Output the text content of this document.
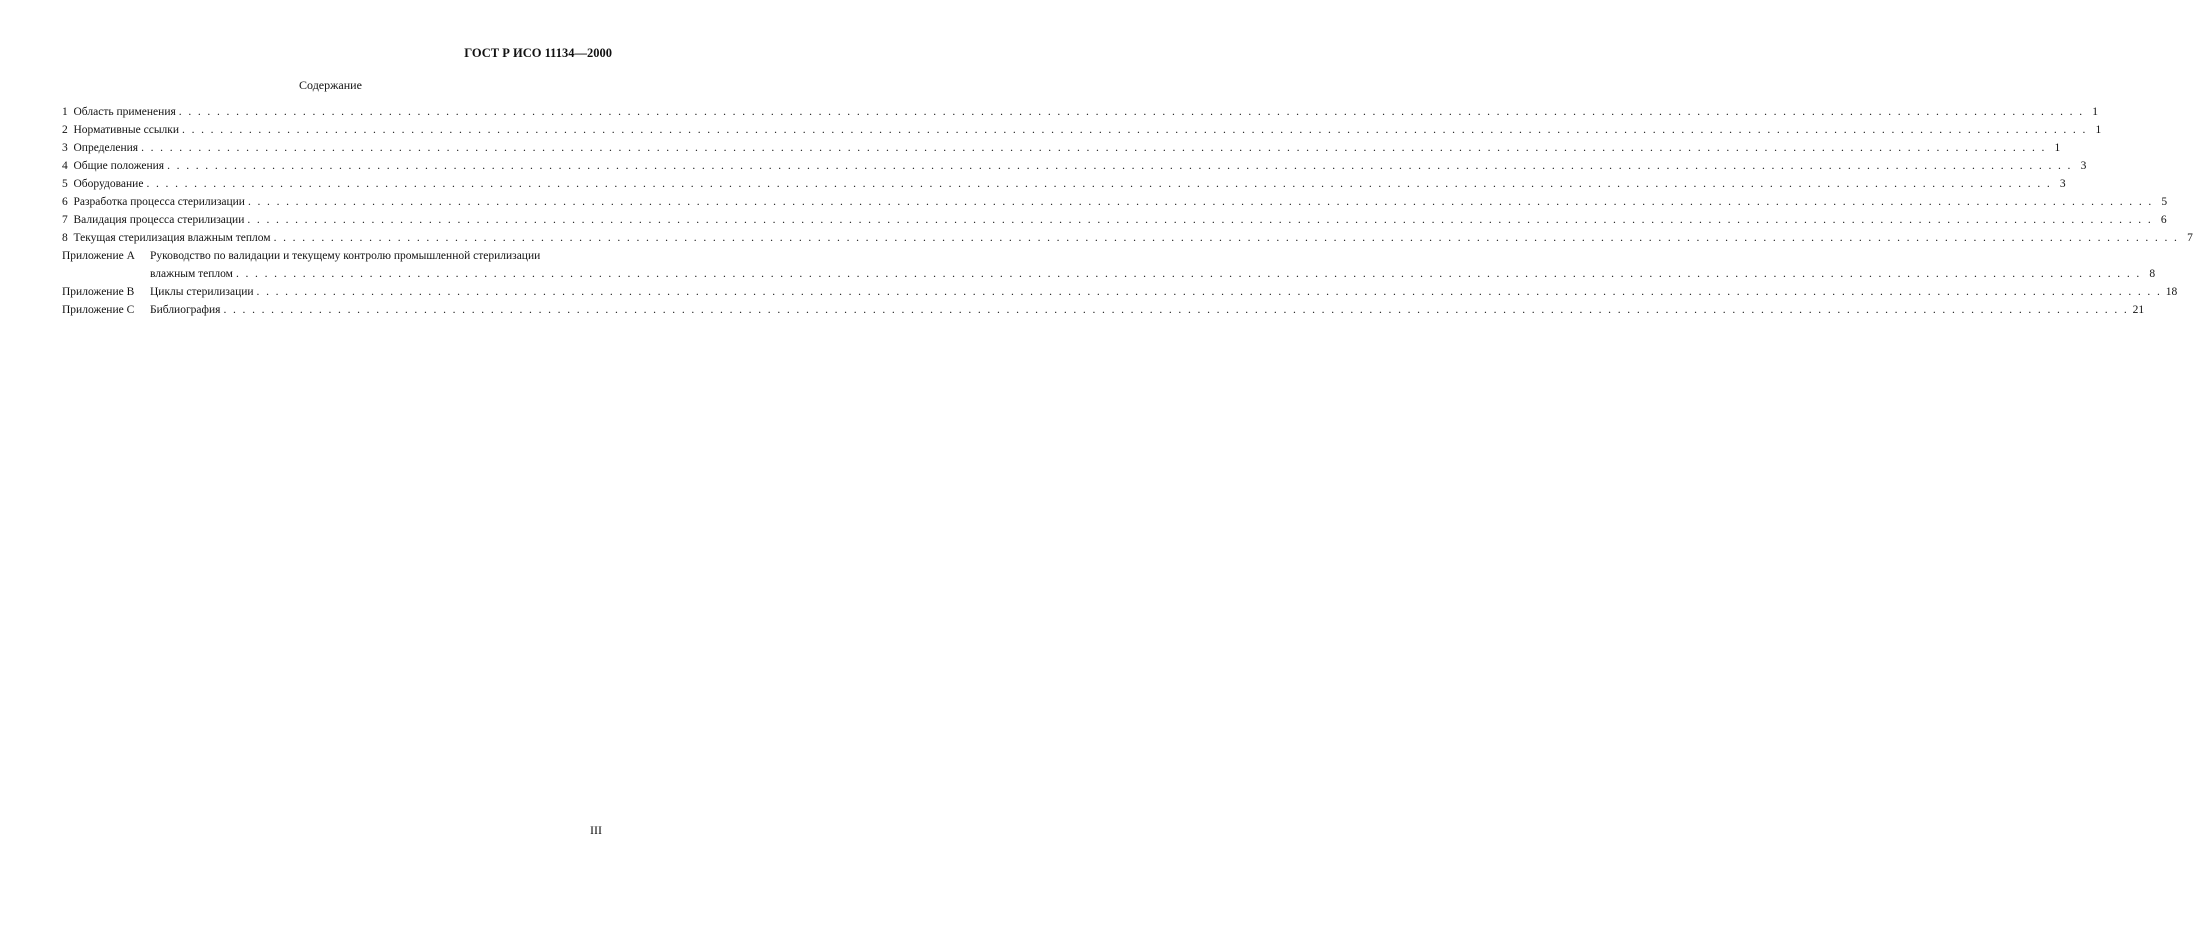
ГОСТ Р ИСО 11134—2000
Содержание
1  Область применения . . . . . . . . . . . . . . . . . . . . . . . . . . . . . . . . . . . . . . . . . . . . . . . . . . . . . . . . . . . . . . . . . . . . . . . . . . . . . . . . . . . . . . . . . . . . . . . . . . . . . . . . . . . . . . . . . . . . . . . . . . . . . . . . . . . . . . . . . . . . . . . . . . . . . . . . . . . . . . . . . . . . . . . . . . . . . . . . . . . . . . . . . . . . . . . . . . . . . . . . 1
2  Нормативные ссылки . . . . . . . . . . . . . . . . . . . . . . . . . . . . . . . . . . . . . . . . . . . . . . . . . . . . . . . . . . . . . . . . . . . . . . . . . . . . . . . . . . . . . . . . . . . . . . . . . . . . . . . . . . . . . . . . . . . . . . . . . . . . . . . . . . . . . . . . . . . . . . . . . . . . . . . . . . . . . . . . . . . . . . . . . . . . . . . . . . . . . . . . . . . . . . . . . . . . . . . . 1
3  Определения . . . . . . . . . . . . . . . . . . . . . . . . . . . . . . . . . . . . . . . . . . . . . . . . . . . . . . . . . . . . . . . . . . . . . . . . . . . . . . . . . . . . . . . . . . . . . . . . . . . . . . . . . . . . . . . . . . . . . . . . . . . . . . . . . . . . . . . . . . . . . . . . . . . . . . . . . . . . . . . . . . . . . . . . . . . . . . . . . . . . . . . . . . . . . . . . . . . . . . . . 1
4  Общие положения . . . . . . . . . . . . . . . . . . . . . . . . . . . . . . . . . . . . . . . . . . . . . . . . . . . . . . . . . . . . . . . . . . . . . . . . . . . . . . . . . . . . . . . . . . . . . . . . . . . . . . . . . . . . . . . . . . . . . . . . . . . . . . . . . . . . . . . . . . . . . . . . . . . . . . . . . . . . . . . . . . . . . . . . . . . . . . . . . . . . . . . . . . . . . . . . . . . . . . . . 3
5  Оборудование . . . . . . . . . . . . . . . . . . . . . . . . . . . . . . . . . . . . . . . . . . . . . . . . . . . . . . . . . . . . . . . . . . . . . . . . . . . . . . . . . . . . . . . . . . . . . . . . . . . . . . . . . . . . . . . . . . . . . . . . . . . . . . . . . . . . . . . . . . . . . . . . . . . . . . . . . . . . . . . . . . . . . . . . . . . . . . . . . . . . . . . . . . . . . . . . . . . . . . . . 3
6  Разработка процесса стерилизации . . . . . . . . . . . . . . . . . . . . . . . . . . . . . . . . . . . . . . . . . . . . . . . . . . . . . . . . . . . . . . . . . . . . . . . . . . . . . . . . . . . . . . . . . . . . . . . . . . . . . . . . . . . . . . . . . . . . . . . . . . . . . . . . . . . . . . . . . . . . . . . . . . . . . . . . . . . . . . . . . . . . . . . . . . . . . . . . . . . . . . . . . . . . . . . . . . . . . . . . 5
7  Валидация процесса стерилизации . . . . . . . . . . . . . . . . . . . . . . . . . . . . . . . . . . . . . . . . . . . . . . . . . . . . . . . . . . . . . . . . . . . . . . . . . . . . . . . . . . . . . . . . . . . . . . . . . . . . . . . . . . . . . . . . . . . . . . . . . . . . . . . . . . . . . . . . . . . . . . . . . . . . . . . . . . . . . . . . . . . . . . . . . . . . . . . . . . . . . . . . . . . . . . . . . . . . . . . . 6
8  Текущая стерилизация влажным теплом . . . . . . . . . . . . . . . . . . . . . . . . . . . . . . . . . . . . . . . . . . . . . . . . . . . . . . . . . . . . . . . . . . . . . . . . . . . . . . . . . . . . . . . . . . . . . . . . . . . . . . . . . . . . . . . . . . . . . . . . . . . . . . . . . . . . . . . . . . . . . . . . . . . . . . . . . . . . . . . . . . . . . . . . . . . . . . . . . . . . . . . . . . . . . . . . . . . . . . . . 7
Приложение А Руководство по валидации и текущему контролю промышленной стерилизации
влажным теплом . . . . . . . . . . . . . . . . . . . . . . . . . . . . . . . . . . . . . . . . . . . . . . . . . . . . . . . . . . . . . . . . . . . . . . . . . . . . . . . . . . . . . . . . . . . . . . . . . . . . . . . . . . . . . . . . . . . . . . . . . . . . . . . . . . . . . . . . . . . . . . . . . . . . . . . . . . . . . . . . . . . . . . . . . . . . . . . . . . . . . . . . . . . . . . . . . . . . . . . . 8
Приложение В Циклы стерилизации . . . . . . . . . . . . . . . . . . . . . . . . . . . . . . . . . . . . . . . . . . . . . . . . . . . . . . . . . . . . . . . . . . . . . . . . . . . . . . . . . . . . . . . . . . . . . . . . . . . . . . . . . . . . . . . . . . . . . . . . . . . . . . . . . . . . . . . . . . . . . . . . . . . . . . . . . . . . . . . . . . . . . . . . . . . . . . . . . . . . . . . . . . . . . . . . . . . . . . . . 18
Приложение С Библиография . . . . . . . . . . . . . . . . . . . . . . . . . . . . . . . . . . . . . . . . . . . . . . . . . . . . . . . . . . . . . . . . . . . . . . . . . . . . . . . . . . . . . . . . . . . . . . . . . . . . . . . . . . . . . . . . . . . . . . . . . . . . . . . . . . . . . . . . . . . . . . . . . . . . . . . . . . . . . . . . . . . . . . . . . . . . . . . . . . . . . . . . . . . . . . . . . . . . . . . . 21
III
